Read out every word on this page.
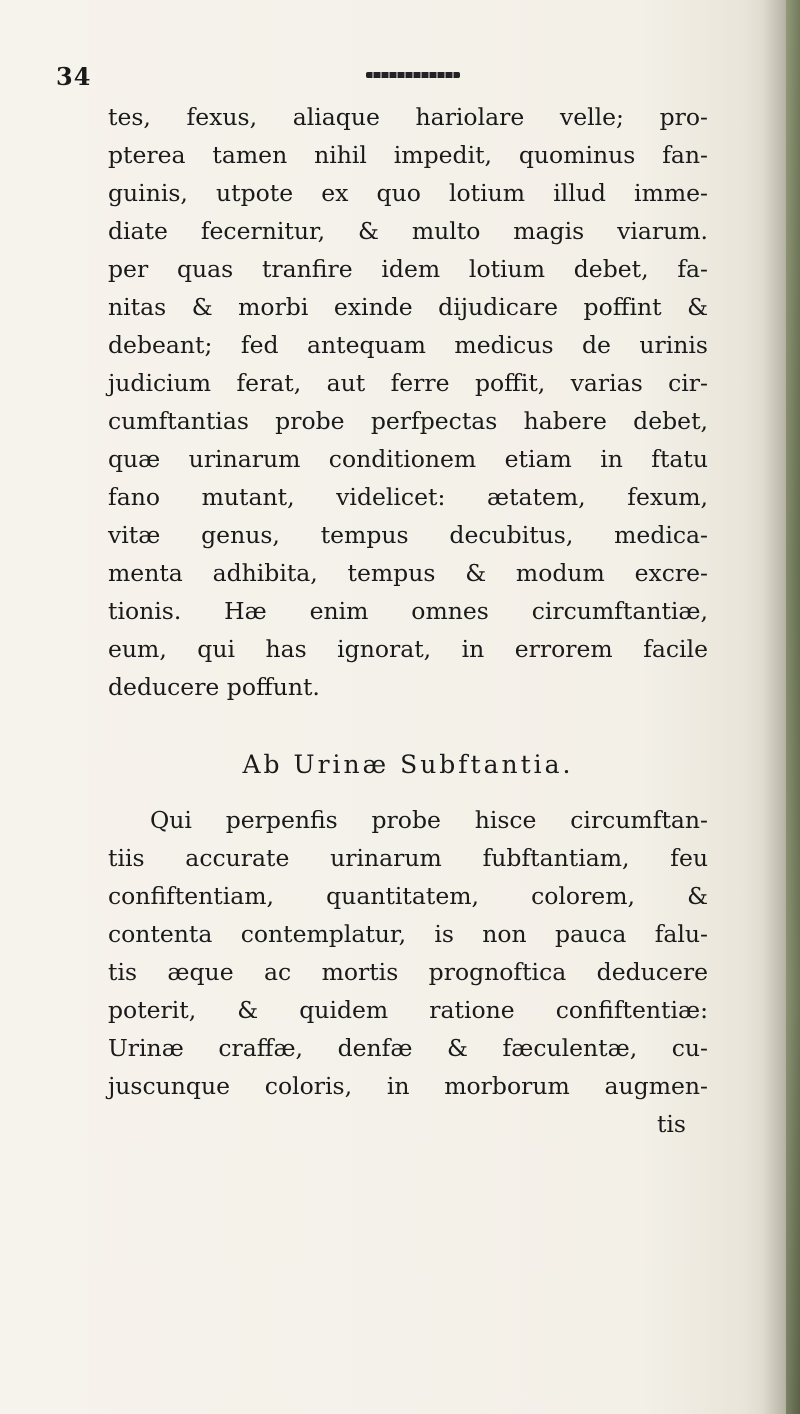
34
tes, fexus, aliaque hariolare velle; pro-
pterea tamen nihil impedit, quominus fan-
guinis, utpote ex quo lotium illud imme-
diate fecernitur, & multo magis viarum.
per quas tranfire idem lotium debet, fa-
nitas & morbi exinde dijudicare poffint &
debeant; fed antequam medicus de urinis
judicium ferat, aut ferre poffit, varias cir-
cumftantias probe perfpectas habere debet,
quæ urinarum conditionem etiam in ftatu
fano mutant, videlicet: ætatem, fexum,
vitæ genus, tempus decubitus, medica-
menta adhibita, tempus & modum excre-
tionis. Hæ enim omnes circumftantiæ,
eum, qui has ignorat, in errorem facile
deducere poffunt.
Ab Urinæ Subftantia.
Qui perpenfis probe hisce circumftan-
tiis accurate urinarum fubftantiam, feu
confiftentiam, quantitatem, colorem, &
contenta contemplatur, is non pauca falu-
tis æque ac mortis prognoftica deducere
poterit, & quidem ratione confiftentiæ:
Urinæ craffæ, denfæ & fæculentæ, cu-
juscunque coloris, in morborum augmen-
tis
